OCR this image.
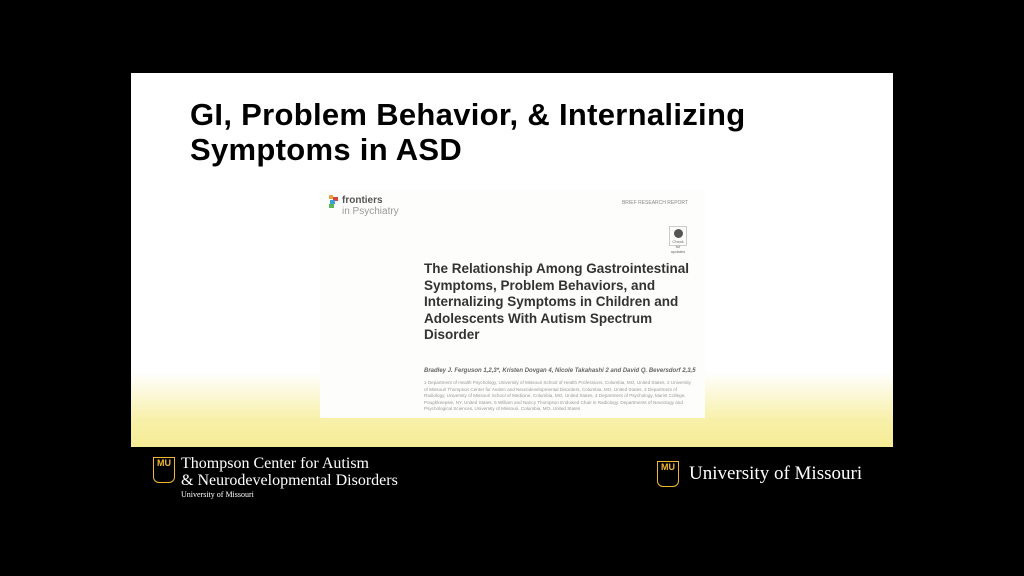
GI, Problem Behavior, & Internalizing Symptoms in ASD
frontiers
in Psychiatry
BRIEF RESEARCH REPORT
Check for updates
The Relationship Among Gastrointestinal Symptoms, Problem Behaviors, and Internalizing Symptoms in Children and Adolescents With Autism Spectrum Disorder
Bradley J. Ferguson 1,2,3*, Kristen Dovgan 4, Nicole Takahashi 2 and David Q. Beversdorf 2,3,5
1 Department of Health Psychology, University of Missouri School of Health Professions, Columbia, MO, United States, 2 University of Missouri Thompson Center for Autism and Neurodevelopmental Disorders, Columbia, MO, United States, 3 Department of Radiology, University of Missouri School of Medicine, Columbia, MO, United States, 4 Department of Psychology, Marist College, Poughkeepsie, NY, United States, 5 William and Nancy Thompson Endowed Chair in Radiology, Departments of Neurology and Psychological Sciences, University of Missouri, Columbia, MO, United States
MU Thompson Center for Autism
& Neurodevelopmental Disorders
University of Missouri
MU University of Missouri
